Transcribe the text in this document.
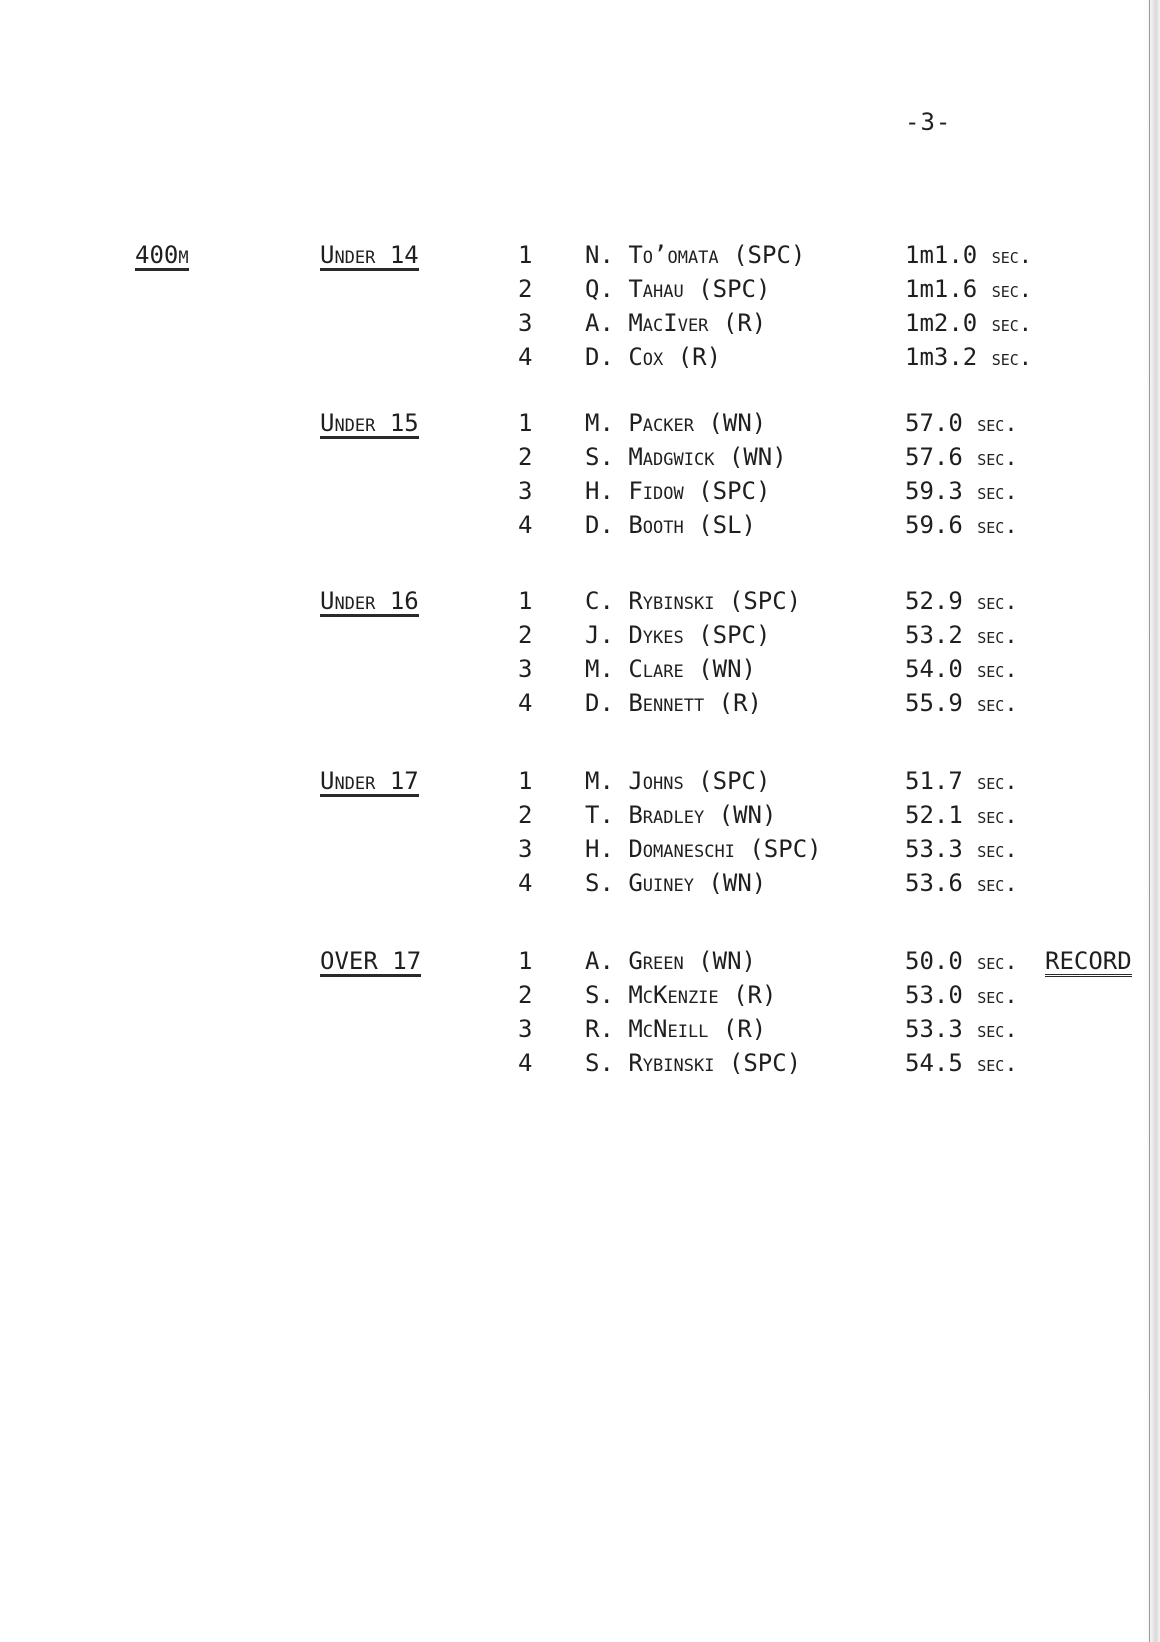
-3-
400m	Under 14	1 N. To’omata (SPC)	1m1.0 sec.
2 Q. Tahau (SPC)	1m1.6 sec.
3 A. MacIver (R)	1m2.0 sec.
4 D. Cox (R)	1m3.2 sec.
Under 15	1 M. Packer (WN)	57.0 sec.
2 S. Madgwick (WN)	57.6 sec.
3 H. Fidow (SPC)	59.3 sec.
4 D. Booth (SL)	59.6 sec.
Under 16	1 C. Rybinski (SPC)	52.9 sec.
2 J. Dykes (SPC)	53.2 sec.
3 M. Clare (WN)	54.0 sec.
4 D. Bennett (R)	55.9 sec.
Under 17	1 M. Johns (SPC)	51.7 sec.
2 T. Bradley (WN)	52.1 sec.
3 H. Domaneschi (SPC)	53.3 sec.
4 S. Guiney (WN)	53.6 sec.
OVER 17	1 A. Green (WN)	50.0 sec. RECORD
2 S. McKenzie (R)	53.0 sec.
3 R. McNeill (R)	53.3 sec.
4 S. Rybinski (SPC)	54.5 sec.
